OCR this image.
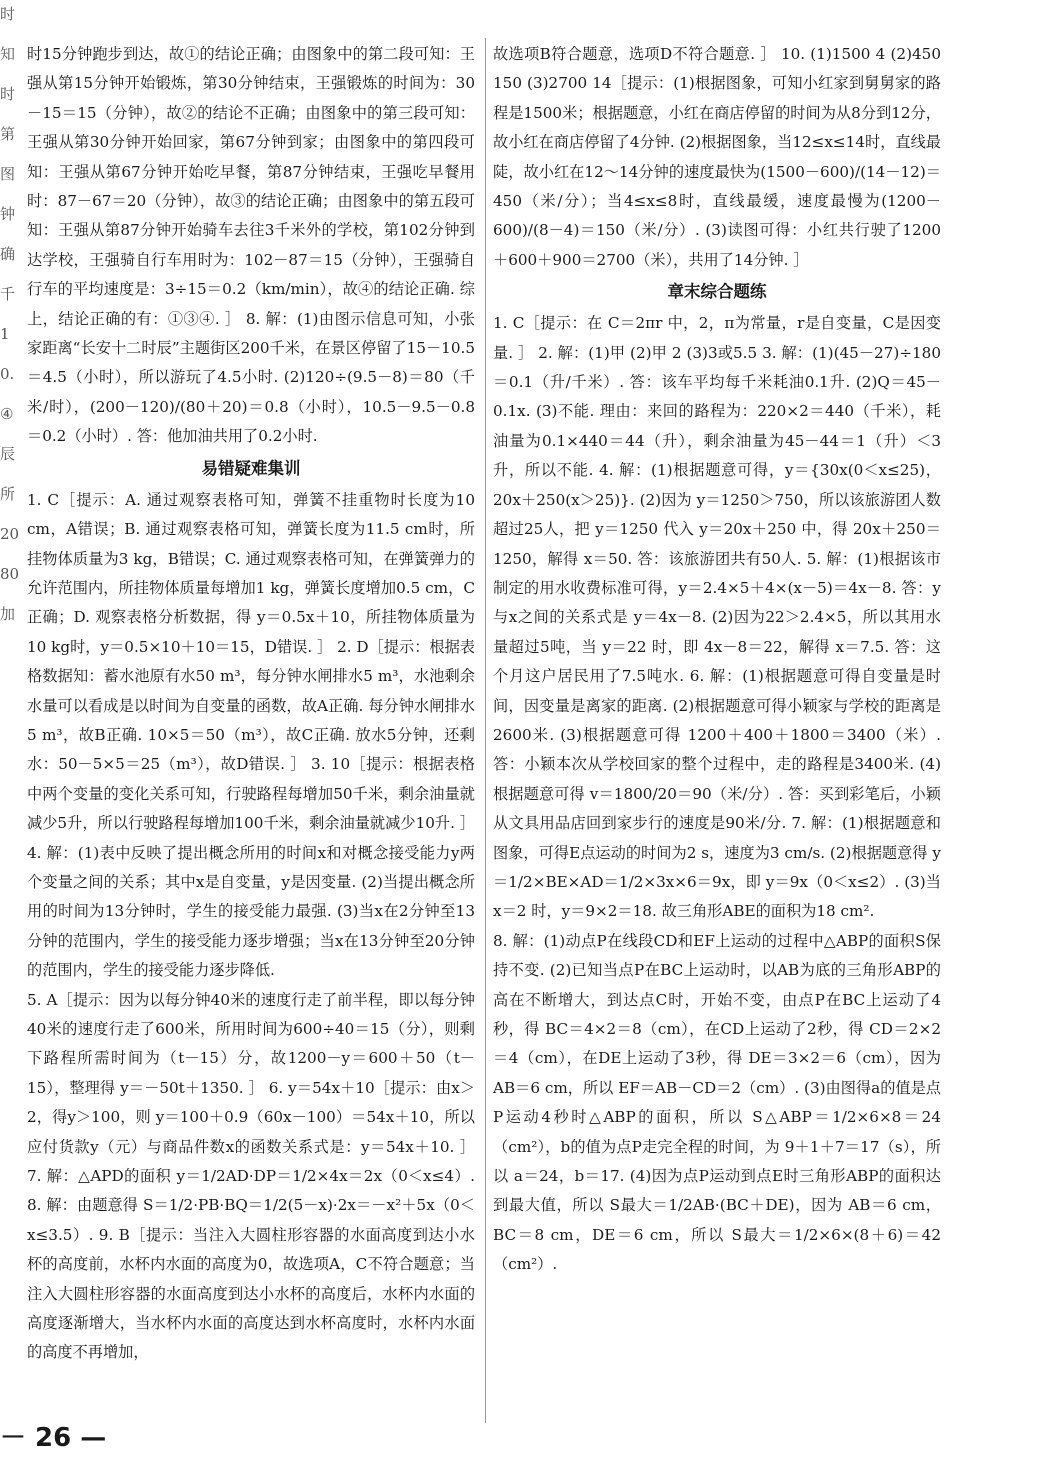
时
知
时
第
图
钟
确
千
1
0.
④
辰
所
20
80
加

时15分钟跑步到达，故①的结论正确；由图象中的第二段可知：王强从第15分钟开始锻炼，第30分钟结束，王强锻炼的时间为：30－15＝15（分钟），故②的结论不正确；由图象中的第三段可知：王强从第30分钟开始回家，第67分钟到家；由图象中的第四段可知：王强从第67分钟开始吃早餐，第87分钟结束，王强吃早餐用时：87－67＝20（分钟），故③的结论正确；由图象中的第五段可知：王强从第87分钟开始骑车去往3千米外的学校，第102分钟到达学校，王强骑自行车用时为：102－87＝15（分钟），王强骑自行车的平均速度是：3÷15＝0.2（km/min），故④的结论正确. 综上，结论正确的有：①③④. ］ 8. 解：(1)由图示信息可知，小张家距离“长安十二时辰”主题街区200千米，在景区停留了15－10.5＝4.5（小时），所以游玩了4.5小时. (2)120÷(9.5－8)＝80（千米/时），(200－120)/(80＋20)＝0.8（小时），10.5－9.5－0.8＝0.2（小时）. 答：他加油共用了0.2小时.

易错疑难集训

1. C［提示：A. 通过观察表格可知，弹簧不挂重物时长度为10 cm，A错误；B. 通过观察表格可知，弹簧长度为11.5 cm时，所挂物体质量为3 kg，B错误；C. 通过观察表格可知，在弹簧弹力的允许范围内，所挂物体质量每增加1 kg，弹簧长度增加0.5 cm，C正确；D. 观察表格分析数据，得 y＝0.5x＋10，所挂物体质量为10 kg时，y＝0.5×10＋10＝15，D错误. ］ 2. D［提示：根据表格数据知：蓄水池原有水50 m³，每分钟水闸排水5 m³，水池剩余水量可以看成是以时间为自变量的函数，故A正确. 每分钟水闸排水5 m³，故B正确. 10×5＝50（m³），故C正确. 放水5分钟，还剩水：50－5×5＝25（m³），故D错误. ］ 3. 10［提示：根据表格中两个变量的变化关系可知，行驶路程每增加50千米，剩余油量就减少5升，所以行驶路程每增加100千米，剩余油量就减少10升. ］ 4. 解：(1)表中反映了提出概念所用的时间x和对概念接受能力y两个变量之间的关系；其中x是自变量，y是因变量. (2)当提出概念所用的时间为13分钟时，学生的接受能力最强. (3)当x在2分钟至13分钟的范围内，学生的接受能力逐步增强；当x在13分钟至20分钟的范围内，学生的接受能力逐步降低.

5. A［提示：因为以每分钟40米的速度行走了前半程，即以每分钟40米的速度行走了600米，所用时间为600÷40＝15（分），则剩下路程所需时间为（t－15）分，故1200－y＝600＋50（t－15），整理得 y＝－50t＋1350. ］ 6. y＝54x＋10［提示：由x＞2，得y＞100，则 y＝100＋0.9（60x－100）＝54x＋10，所以应付货款y（元）与商品件数x的函数关系式是：y＝54x＋10. ］ 7. 解：△APD的面积 y＝1/2AD·DP＝1/2×4x＝2x（0＜x≤4）. 8. 解：由题意得 S＝1/2·PB·BQ＝1/2(5－x)·2x＝－x²＋5x（0＜x≤3.5）. 9. B［提示：当注入大圆柱形容器的水面高度到达小水杯的高度前，水杯内水面的高度为0，故选项A，C不符合题意；当注入大圆柱形容器的水面高度到达小水杯的高度后，水杯内水面的高度逐渐增大，当水杯内水面的高度达到水杯高度时，水杯内水面的高度不再增加，

故选项B符合题意，选项D不符合题意. ］ 10. (1)1500 4 (2)450 150 (3)2700 14［提示：(1)根据图象，可知小红家到舅舅家的路程是1500米；根据题意，小红在商店停留的时间为从8分到12分，故小红在商店停留了4分钟. (2)根据图象，当12≤x≤14时，直线最陡，故小红在12～14分钟的速度最快为(1500－600)/(14－12)＝450（米/分）；当4≤x≤8时，直线最缓，速度最慢为(1200－600)/(8－4)＝150（米/分）. (3)读图可得：小红共行驶了1200＋600＋900＝2700（米），共用了14分钟. ］

章末综合题练

1. C［提示：在 C＝2πr 中，2，π为常量，r是自变量，C是因变量. ］ 2. 解：(1)甲 (2)甲 2 (3)3或5.5 3. 解：(1)(45－27)÷180＝0.1（升/千米）. 答：该车平均每千米耗油0.1升. (2)Q＝45－0.1x. (3)不能. 理由：来回的路程为：220×2＝440（千米），耗油量为0.1×440＝44（升），剩余油量为45－44＝1（升）＜3升，所以不能. 4. 解：(1)根据题意可得，y＝{30x(0＜x≤25)，20x＋250(x＞25)}. (2)因为 y＝1250＞750，所以该旅游团人数超过25人，把 y＝1250 代入 y＝20x＋250 中，得 20x＋250＝1250，解得 x＝50. 答：该旅游团共有50人. 5. 解：(1)根据该市制定的用水收费标准可得，y＝2.4×5＋4×(x－5)＝4x－8. 答：y与x之间的关系式是 y＝4x－8. (2)因为22＞2.4×5，所以其用水量超过5吨，当 y＝22 时，即 4x－8＝22，解得 x＝7.5. 答：这个月这户居民用了7.5吨水. 6. 解：(1)根据题意可得自变量是时间，因变量是离家的距离. (2)根据题意可得小颖家与学校的距离是2600米. (3)根据题意可得 1200＋400＋1800＝3400（米）. 答：小颖本次从学校回家的整个过程中，走的路程是3400米. (4)根据题意可得 v＝1800/20＝90（米/分）. 答：买到彩笔后，小颖从文具用品店回到家步行的速度是90米/分. 7. 解：(1)根据题意和图象，可得E点运动的时间为2 s，速度为3 cm/s. (2)根据题意得 y＝1/2×BE×AD＝1/2×3x×6＝9x，即 y＝9x（0＜x≤2）. (3)当 x＝2 时，y＝9×2＝18. 故三角形ABE的面积为18 cm².

8. 解：(1)动点P在线段CD和EF上运动的过程中△ABP的面积S保持不变. (2)已知当点P在BC上运动时，以AB为底的三角形ABP的高在不断增大，到达点C时，开始不变，由点P在BC上运动了4秒，得 BC＝4×2＝8（cm），在CD上运动了2秒，得 CD＝2×2＝4（cm），在DE上运动了3秒，得 DE＝3×2＝6（cm），因为 AB＝6 cm，所以 EF＝AB－CD＝2（cm）. (3)由图得a的值是点P运动4秒时△ABP的面积，所以 S△ABP＝1/2×6×8＝24（cm²），b的值为点P走完全程的时间，为 9＋1＋7＝17（s），所以 a＝24，b＝17. (4)因为点P运动到点E时三角形ABP的面积达到最大值，所以 S最大＝1/2AB·(BC＋DE)，因为 AB＝6 cm，BC＝8 cm，DE＝6 cm，所以 S最大＝1/2×6×(8＋6)＝42（cm²）.

－ 26 —
